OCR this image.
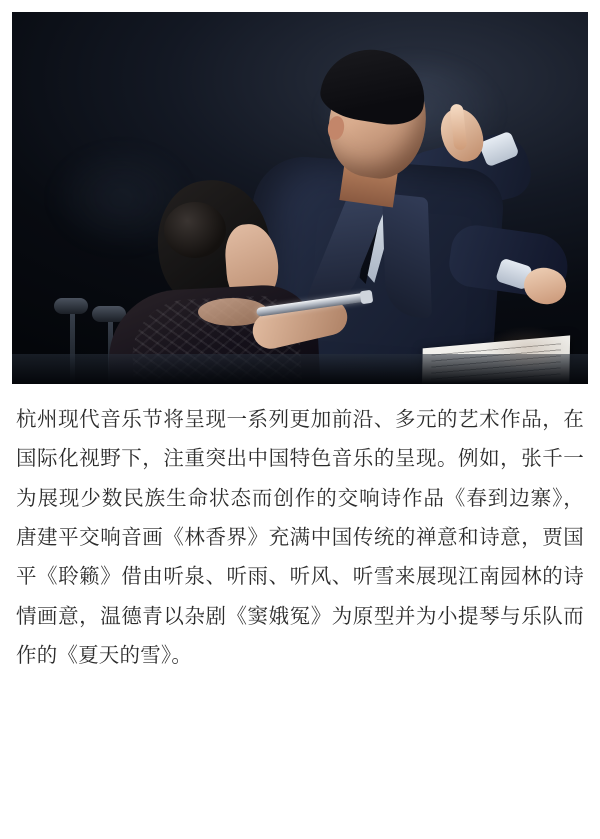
杭州现代音乐节将呈现一系列更加前沿、多元的艺术作品，在国际化视野下，注重突出中国特色音乐的呈现。例如，张千一为展现少数民族生命状态而创作的交响诗作品《春到边寨》，唐建平交响音画《林香界》充满中国传统的禅意和诗意，贾国平《聆籁》借由听泉、听雨、听风、听雪来展现江南园林的诗情画意，温德青以杂剧《窦娥冤》为原型并为小提琴与乐队而作的《夏天的雪》。
